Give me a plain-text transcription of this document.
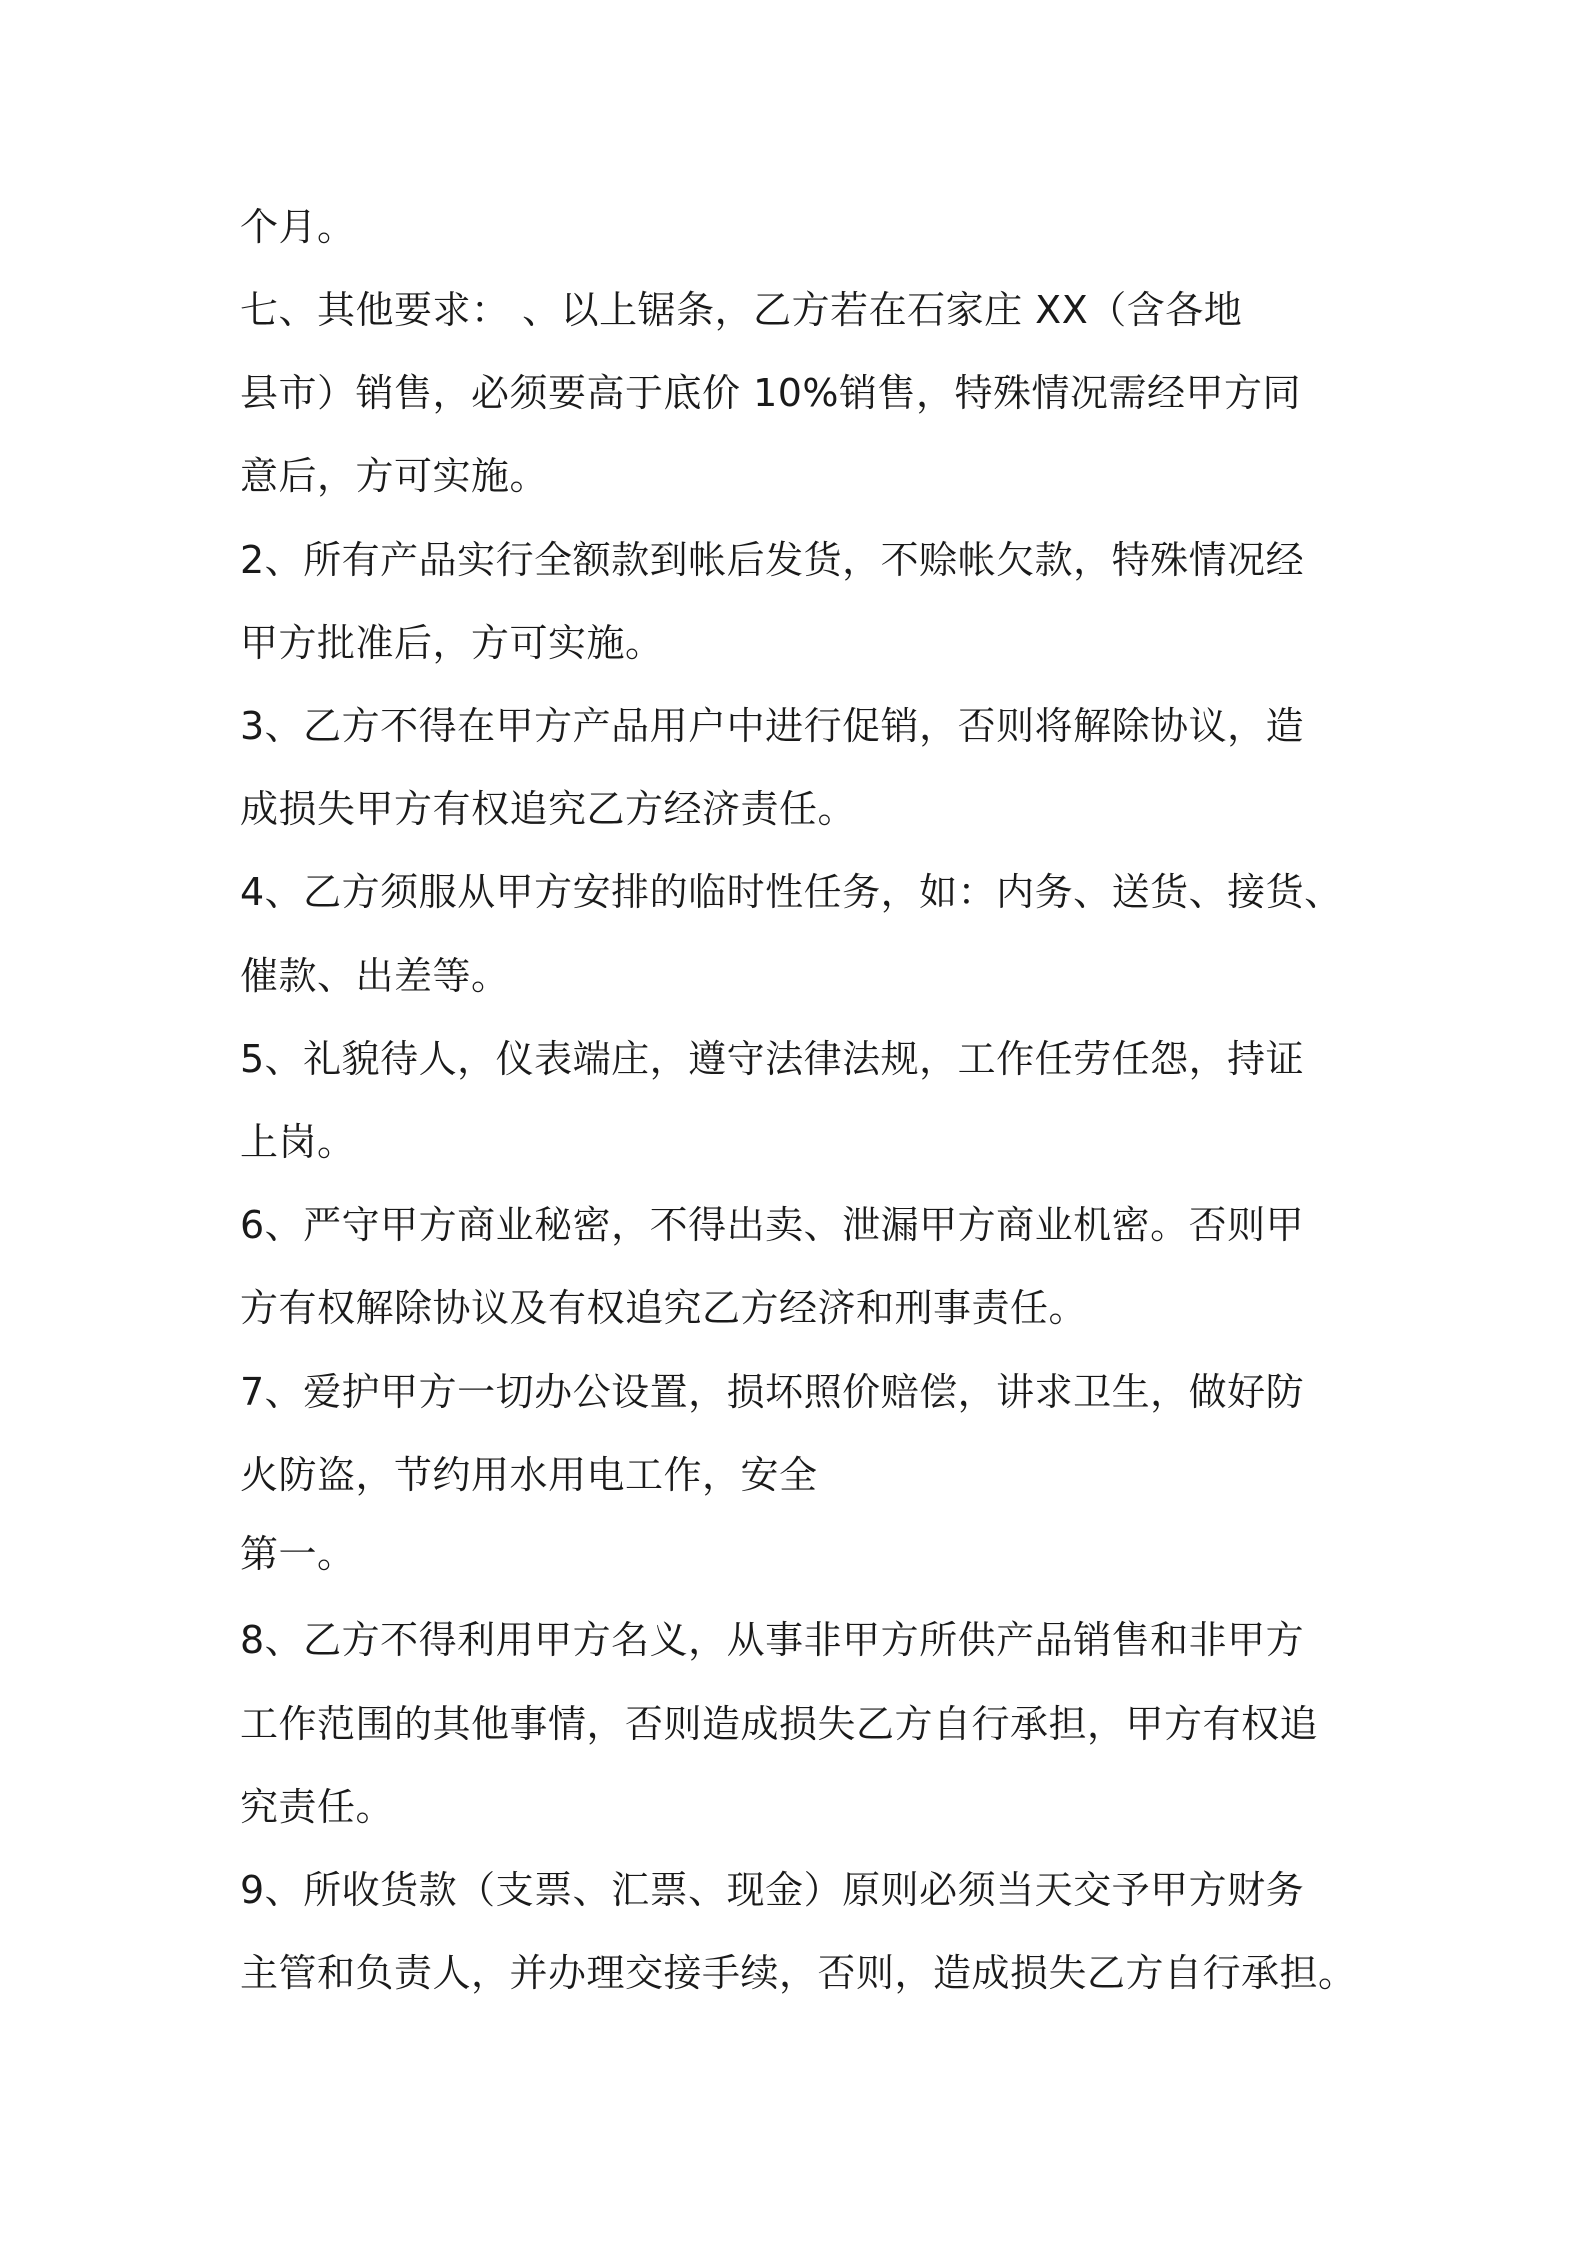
个月。

七、其他要求： 、以上锯条，乙方若在石家庄 XX（含各地

县市）销售，必须要高于底价 10%销售，特殊情况需经甲方同

意后，方可实施。

2、所有产品实行全额款到帐后发货，不赊帐欠款，特殊情况经

甲方批准后，方可实施。

3、乙方不得在甲方产品用户中进行促销，否则将解除协议，造

成损失甲方有权追究乙方经济责任。

4、乙方须服从甲方安排的临时性任务，如：内务、送货、接货、

催款、出差等。

5、礼貌待人，仪表端庄，遵守法律法规，工作任劳任怨，持证

上岗。

6、严守甲方商业秘密，不得出卖、泄漏甲方商业机密。否则甲

方有权解除协议及有权追究乙方经济和刑事责任。

7、爱护甲方一切办公设置，损坏照价赔偿，讲求卫生，做好防

火防盗，节约用水用电工作，安全

第一。

8、乙方不得利用甲方名义，从事非甲方所供产品销售和非甲方

工作范围的其他事情，否则造成损失乙方自行承担，甲方有权追

究责任。

9、所收货款（支票、汇票、现金）原则必须当天交予甲方财务

主管和负责人，并办理交接手续，否则，造成损失乙方自行承担。
